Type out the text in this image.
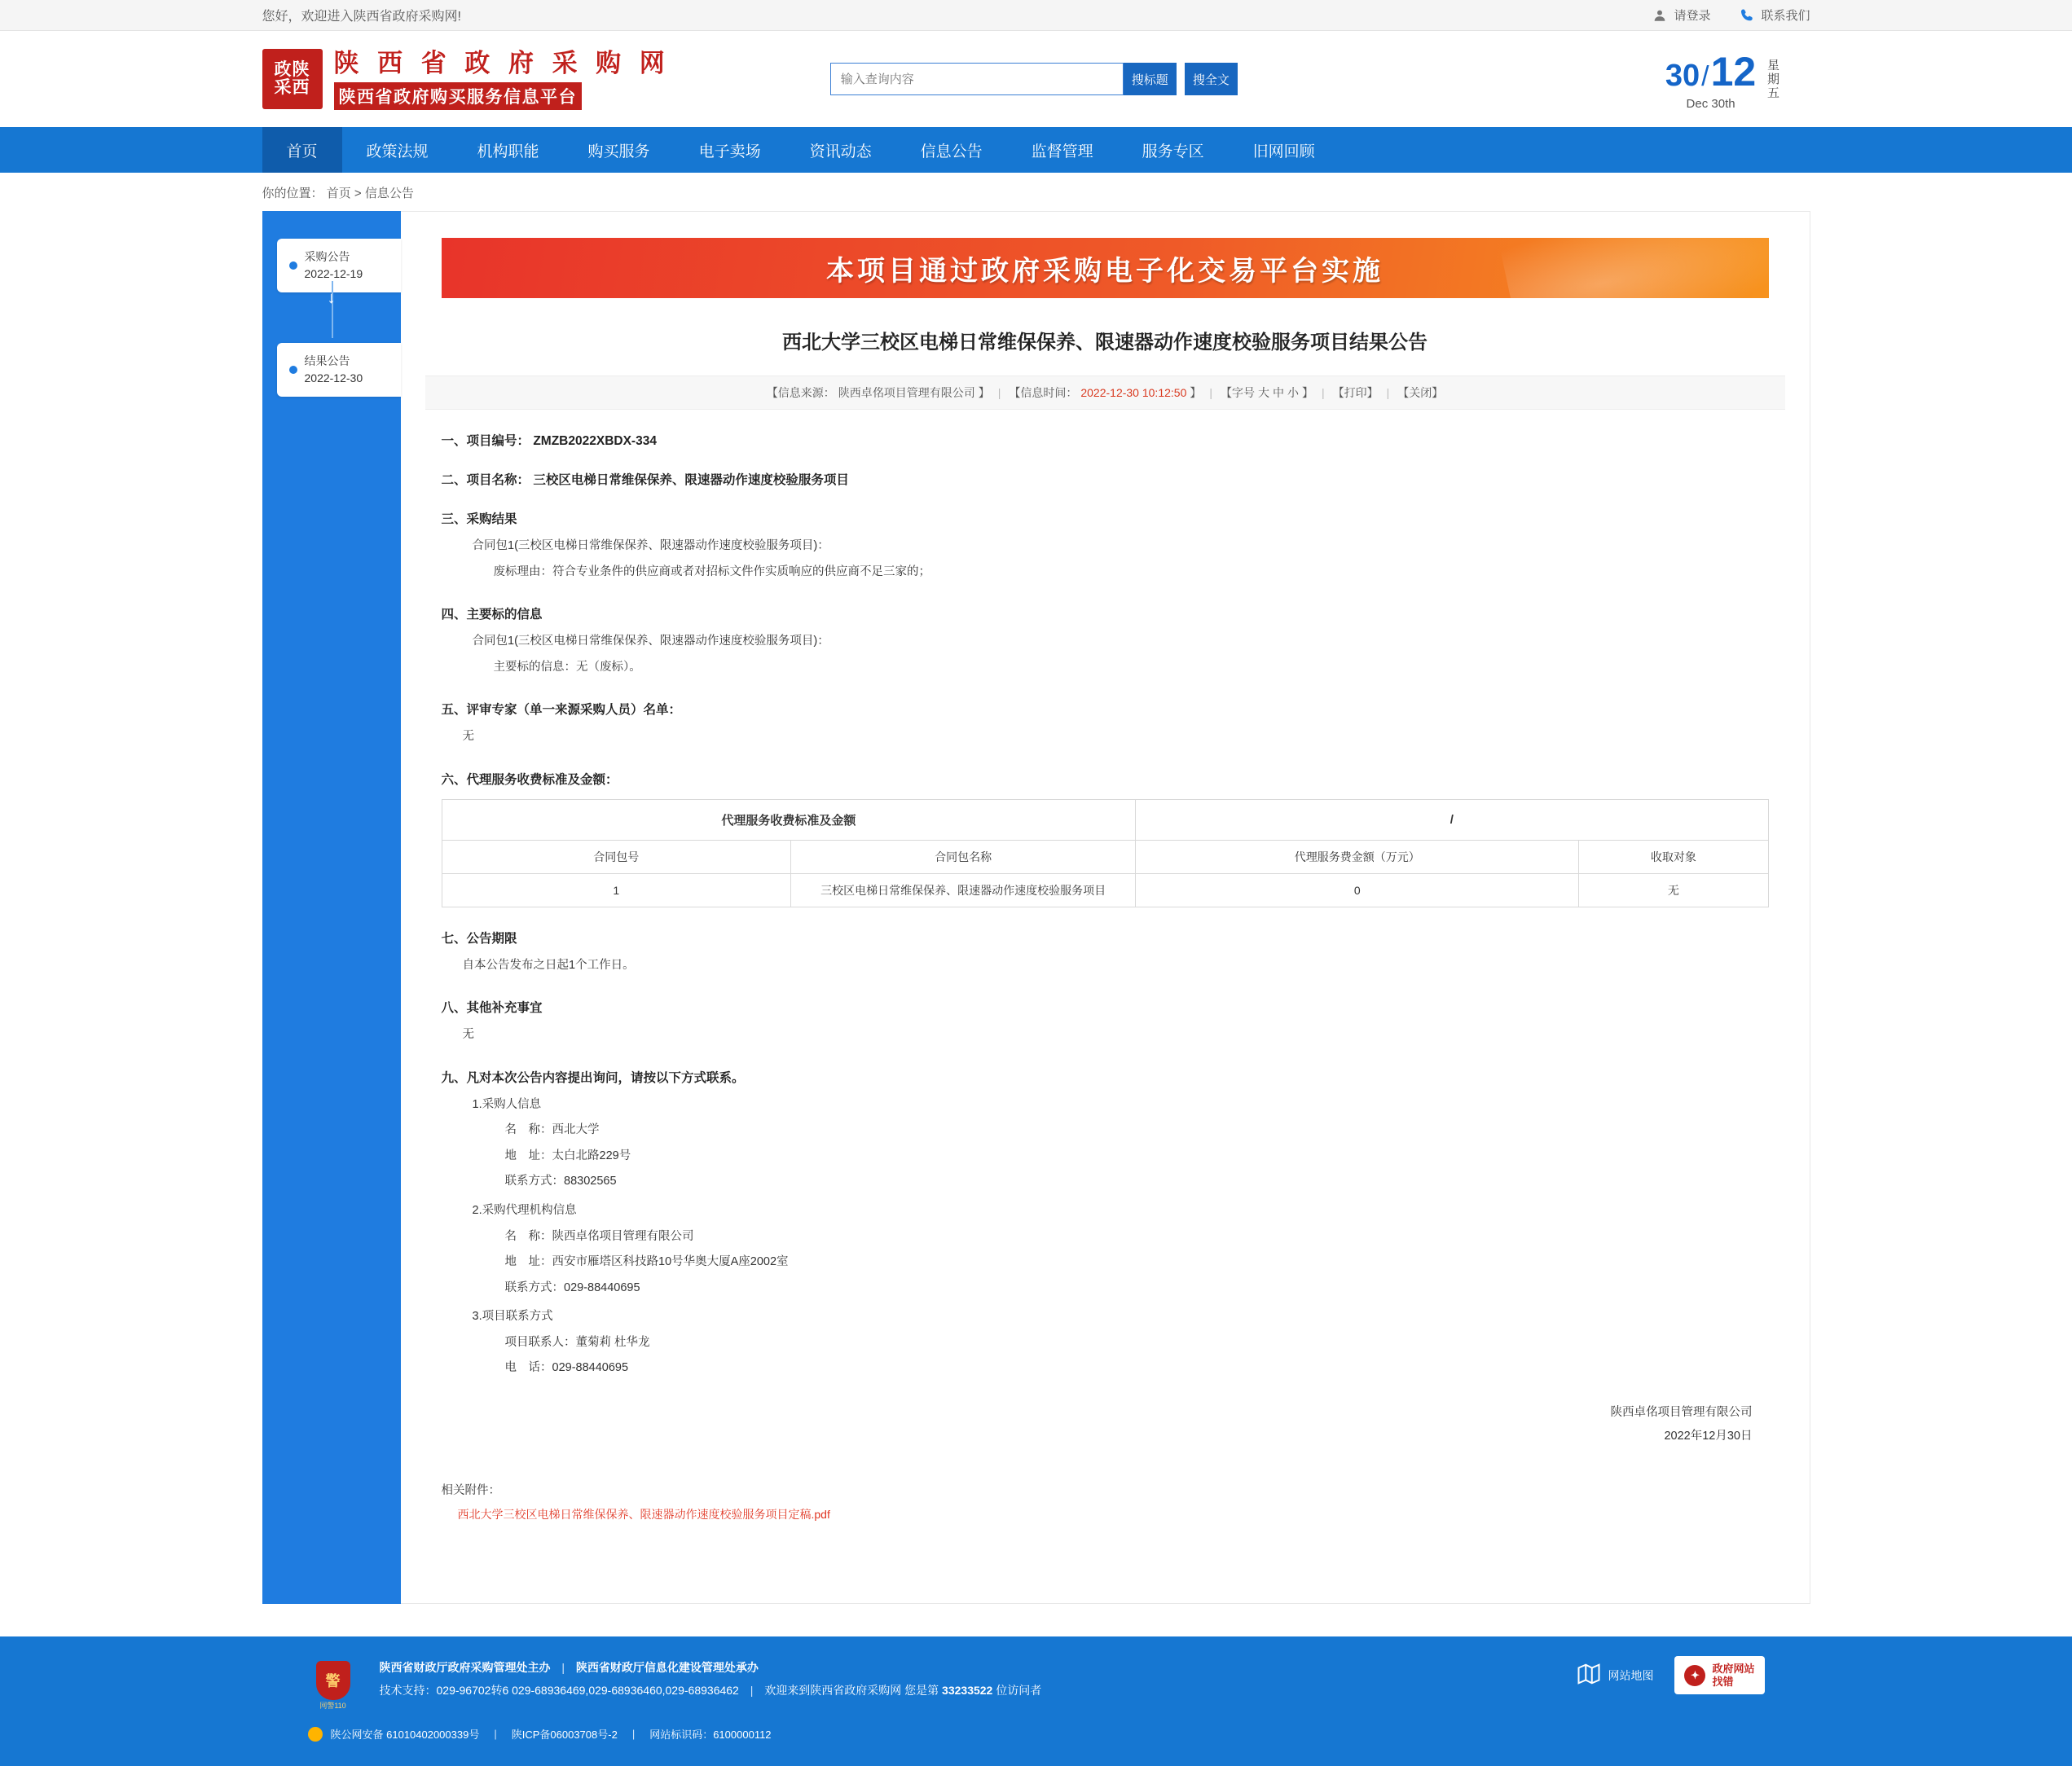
您好，欢迎进入陕西省政府采购网!	请登录	联系我们
政陕
采西
陕 西 省 政 府 采 购 网
陕西省政府购买服务信息平台
输入查询内容
搜标题	搜全文	30 / 12
Dec 30th
星期五
首页	政策法规	机构职能	购买服务	电子卖场	资讯动态	信息公告	监督管理	服务专区	旧网回顾
你的位置： 首页 > 信息公告
采购公告
2022-12-19
↓
结果公告
2022-12-30
本项目通过政府采购电子化交易平台实施
西北大学三校区电梯日常维保保养、限速器动作速度校验服务项目结果公告
【信息来源： 陕西卓佲项目管理有限公司 】 | 【信息时间： 2022-12-30 10:12:50 】 | 【字号 大 中 小 】 | 【打印】 | 【关闭】
一、项目编号： ZMZB2022XBDX-334
二、项目名称： 三校区电梯日常维保保养、限速器动作速度校验服务项目
三、采购结果
合同包1(三校区电梯日常维保保养、限速器动作速度校验服务项目)：
废标理由：符合专业条件的供应商或者对招标文件作实质响应的供应商不足三家的；
四、主要标的信息
合同包1(三校区电梯日常维保保养、限速器动作速度校验服务项目)：
主要标的信息：无（废标）。
五、评审专家（单一来源采购人员）名单：
无
六、代理服务收费标准及金额：
代理服务收费标准及金额		/	
合同包号	合同包名称	代理服务费金额（万元）	收取对象
1	三校区电梯日常维保保养、限速器动作速度校验服务项目	0	无
七、公告期限
自本公告发布之日起1个工作日。
八、其他补充事宜
无
九、凡对本次公告内容提出询问，请按以下方式联系。
1.采购人信息
名　称：西北大学
地　址：太白北路229号
联系方式：88302565
2.采购代理机构信息
名　称：陕西卓佲项目管理有限公司
地　址：西安市雁塔区科技路10号华奥大厦A座2002室
联系方式：029-88440695
3.项目联系方式
项目联系人：董菊莉 杜华龙
电　话：029-88440695
陕西卓佲项目管理有限公司
2022年12月30日
相关附件：
西北大学三校区电梯日常维保保养、限速器动作速度校验服务项目定稿.pdf
警
网警110
陕西省财政厅政府采购管理处主办 | 陕西省财政厅信息化建设管理处承办
技术支持：029-96702转6 029-68936469,029-68936460,029-68936462 | 欢迎来到陕西省政府采购网 您是第 33233522 位访问者
网站地图	✦
政府网站
找错
陕公网安备 61010402000339号 | 陕ICP备06003708号-2 | 网站标识码：6100000112
